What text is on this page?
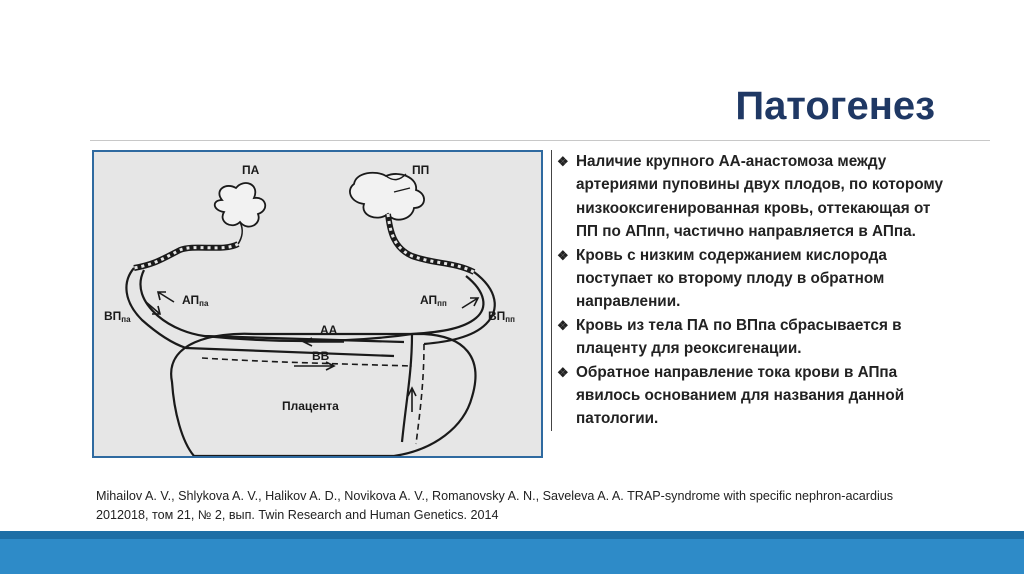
Патогенез
ПА	ПП
АПпа	АПпп
ВПпа	ВПпп
АА
ВВ
Плацента
❖ Наличие крупного АА-анастомоза между артериями пуповины двух плодов, по которому низкооксигенированная кровь, оттекающая от ПП по АПпп, частично направляется в АПпа.
❖ Кровь с низким содержанием кислорода поступает ко второму плоду в обратном направлении.
❖ Кровь из тела ПА по ВПпа сбрасывается в плаценту для реоксигенации.
❖ Обратное направление тока крови в АПпа явилось основанием для названия данной патологии.
Mihailov A. V., Shlykova A. V., Halikov A. D., Novikova A. V., Romanovsky A. N., Saveleva A. A. TRAP-syndrome with specific nephron-acardius 2012018, том 21, № 2, вып. Twin Research and Human Genetics. 2014
